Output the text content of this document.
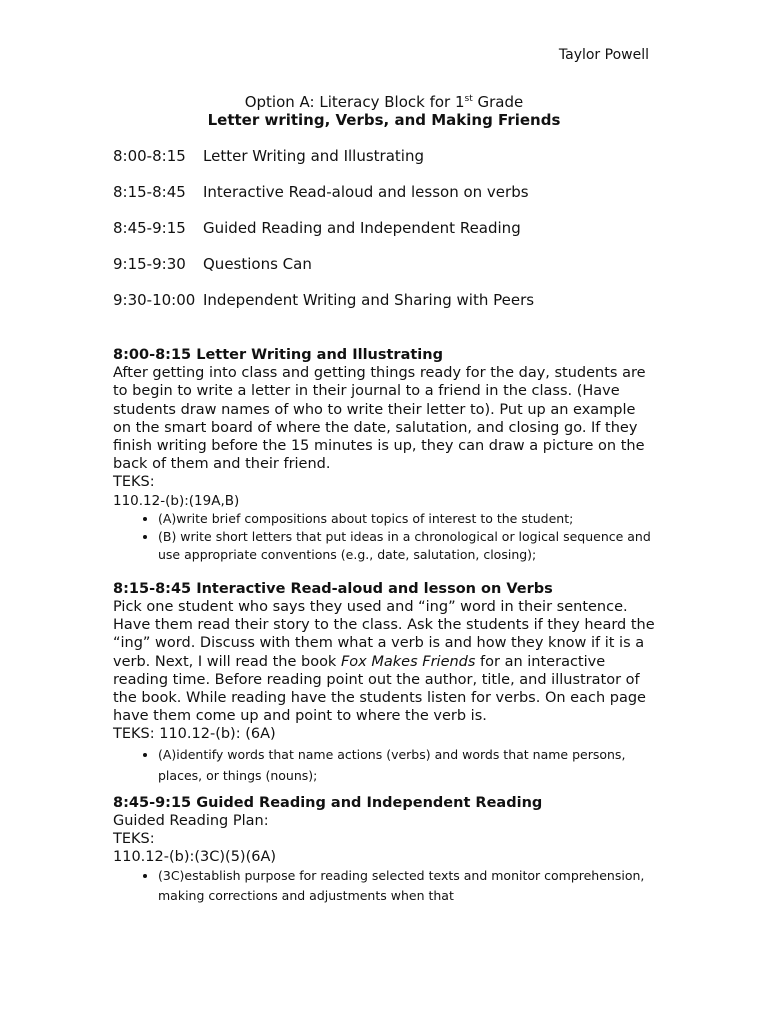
Taylor Powell
Option A: Literacy Block for 1st Grade
Letter writing, Verbs, and Making Friends
8:00-8:15 Letter Writing and Illustrating
8:15-8:45 Interactive Read-aloud and lesson on verbs
8:45-9:15 Guided Reading and Independent Reading
9:15-9:30 Questions Can
9:30-10:00 Independent Writing and Sharing with Peers
8:00-8:15 Letter Writing and Illustrating

After getting into class and getting things ready for the day, students are to begin to write a letter in their journal to a friend in the class. (Have students draw names of who to write their letter to). Put up an example on the smart board of where the date, salutation, and closing go. If they finish writing before the 15 minutes is up, they can draw a picture on the back of them and their friend.

TEKS:

110.12-(b):(19A,B)

• (A)write brief compositions about topics of interest to the student;
• (B) write short letters that put ideas in a chronological or logical sequence and use appropriate conventions (e.g., date, salutation, closing);
8:15-8:45 Interactive Read-aloud and lesson on Verbs

Pick one student who says they used and “ing” word in their sentence. Have them read their story to the class. Ask the students if they heard the “ing” word. Discuss with them what a verb is and how they know if it is a verb. Next, I will read the book Fox Makes Friends for an interactive reading time. Before reading point out the author, title, and illustrator of the book. While reading have the students listen for verbs. On each page have them come up and point to where the verb is.

TEKS: 110.12-(b): (6A)

• (A)identify words that name actions (verbs) and words that name persons, places, or things (nouns);
8:45-9:15 Guided Reading and Independent Reading

Guided Reading Plan:

TEKS:

110.12-(b):(3C)(5)(6A)

• (3C)establish purpose for reading selected texts and monitor comprehension, making corrections and adjustments when that
